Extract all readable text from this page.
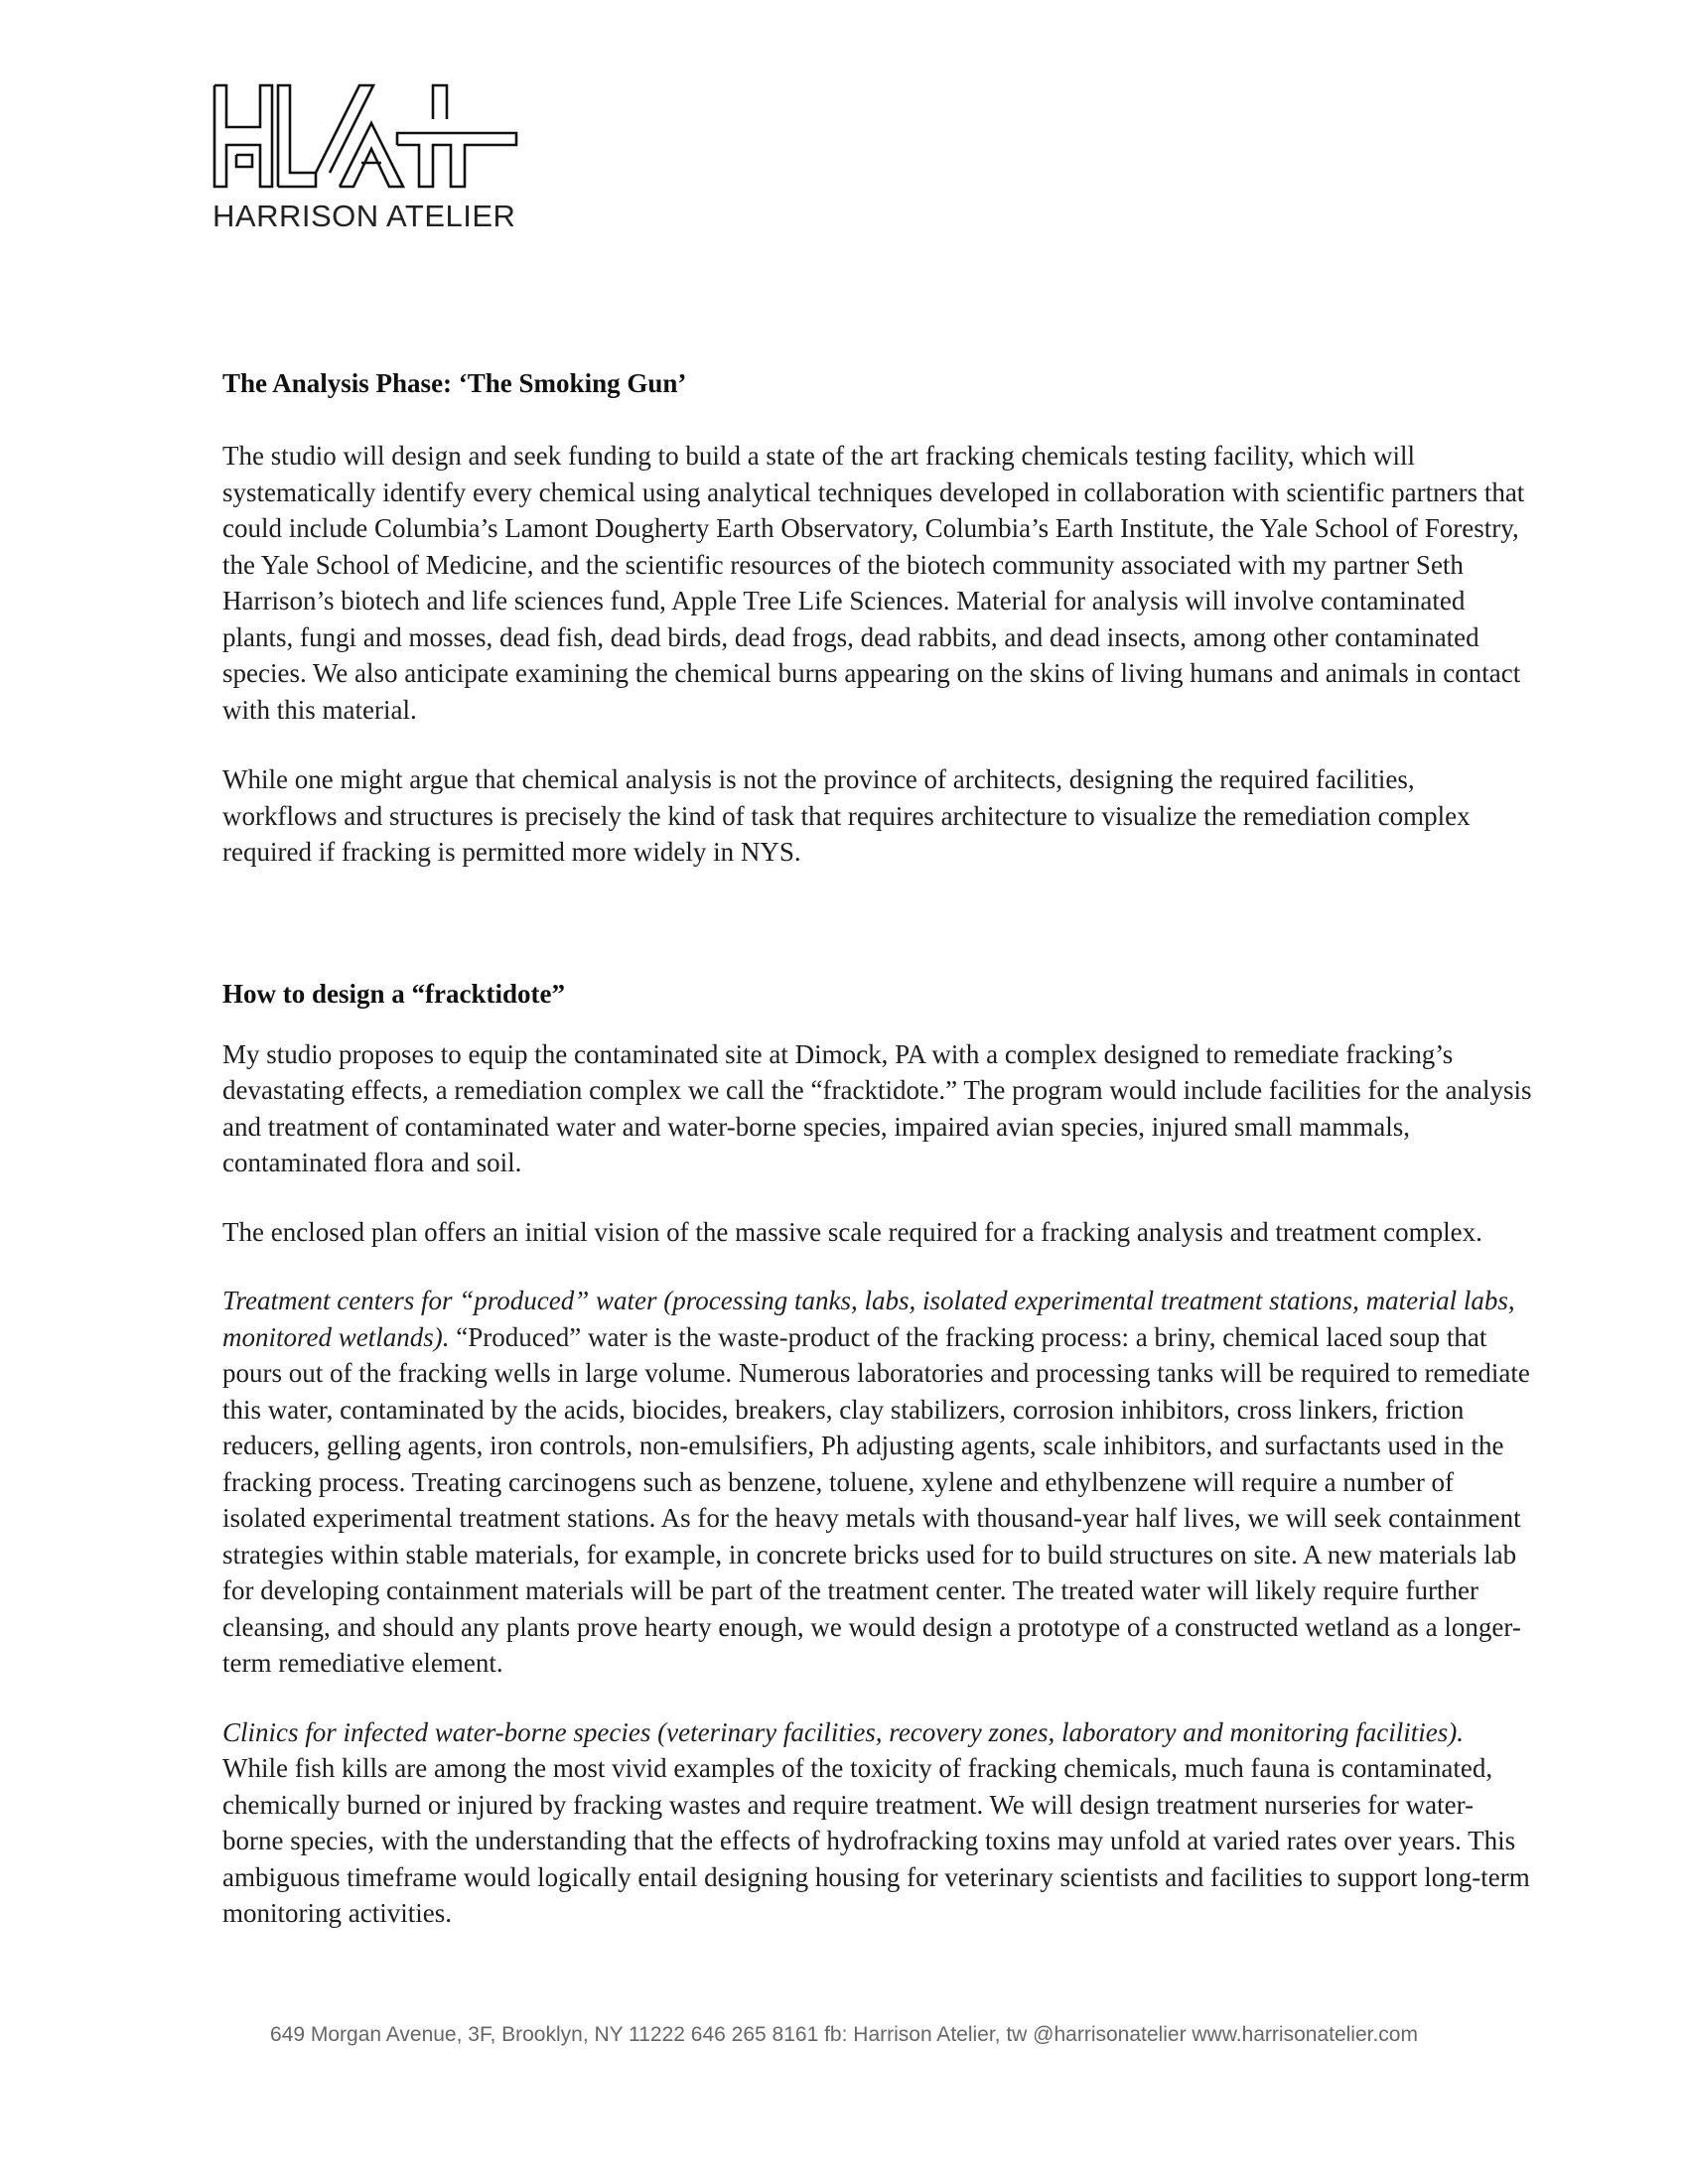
HARRISON ATELIER
The Analysis Phase: ‘The Smoking Gun’

The studio will design and seek funding to build a state of the art fracking chemicals testing facility, which will systematically identify every chemical using analytical techniques developed in collaboration with scientific partners that could include Columbia’s Lamont Dougherty Earth Observatory, Columbia’s Earth Institute, the Yale School of Forestry, the Yale School of Medicine, and the scientific resources of the biotech community associated with my partner Seth Harrison’s biotech and life sciences fund, Apple Tree Life Sciences. Material for analysis will involve contaminated plants, fungi and mosses, dead fish, dead birds, dead frogs, dead rabbits, and dead insects, among other contaminated species. We also anticipate examining the chemical burns appearing on the skins of living humans and animals in contact with this material.

While one might argue that chemical analysis is not the province of architects, designing the required facilities, workflows and structures is precisely the kind of task that requires architecture to visualize the remediation complex required if fracking is permitted more widely in NYS.

How to design a “fracktidote”

My studio proposes to equip the contaminated site at Dimock, PA with a complex designed to remediate fracking’s devastating effects, a remediation complex we call the “fracktidote.” The program would include facilities for the analysis and treatment of contaminated water and water-borne species, impaired avian species, injured small mammals, contaminated flora and soil.

The enclosed plan offers an initial vision of the massive scale required for a fracking analysis and treatment complex.

Treatment centers for “produced” water (processing tanks, labs, isolated experimental treatment stations, material labs, monitored wetlands). “Produced” water is the waste-product of the fracking process: a briny, chemical laced soup that pours out of the fracking wells in large volume. Numerous laboratories and processing tanks will be required to remediate this water, contaminated by the acids, biocides, breakers, clay stabilizers, corrosion inhibitors, cross linkers, friction reducers, gelling agents, iron controls, non-emulsifiers, Ph adjusting agents, scale inhibitors, and surfactants used in the fracking process. Treating carcinogens such as benzene, toluene, xylene and ethylbenzene will require a number of isolated experimental treatment stations. As for the heavy metals with thousand-year half lives, we will seek containment strategies within stable materials, for example, in concrete bricks used for to build structures on site. A new materials lab for developing containment materials will be part of the treatment center. The treated water will likely require further cleansing, and should any plants prove hearty enough, we would design a prototype of a constructed wetland as a longer-term remediative element.

Clinics for infected water-borne species (veterinary facilities, recovery zones, laboratory and monitoring facilities). While fish kills are among the most vivid examples of the toxicity of fracking chemicals, much fauna is contaminated, chemically burned or injured by fracking wastes and require treatment. We will design treatment nurseries for water-borne species, with the understanding that the effects of hydrofracking toxins may unfold at varied rates over years. This ambiguous timeframe would logically entail designing housing for veterinary scientists and facilities to support long-term monitoring activities.

649 Morgan Avenue, 3F, Brooklyn, NY 11222 646 265 8161 fb: Harrison Atelier, tw @harrisonatelier www.harrisonatelier.com
